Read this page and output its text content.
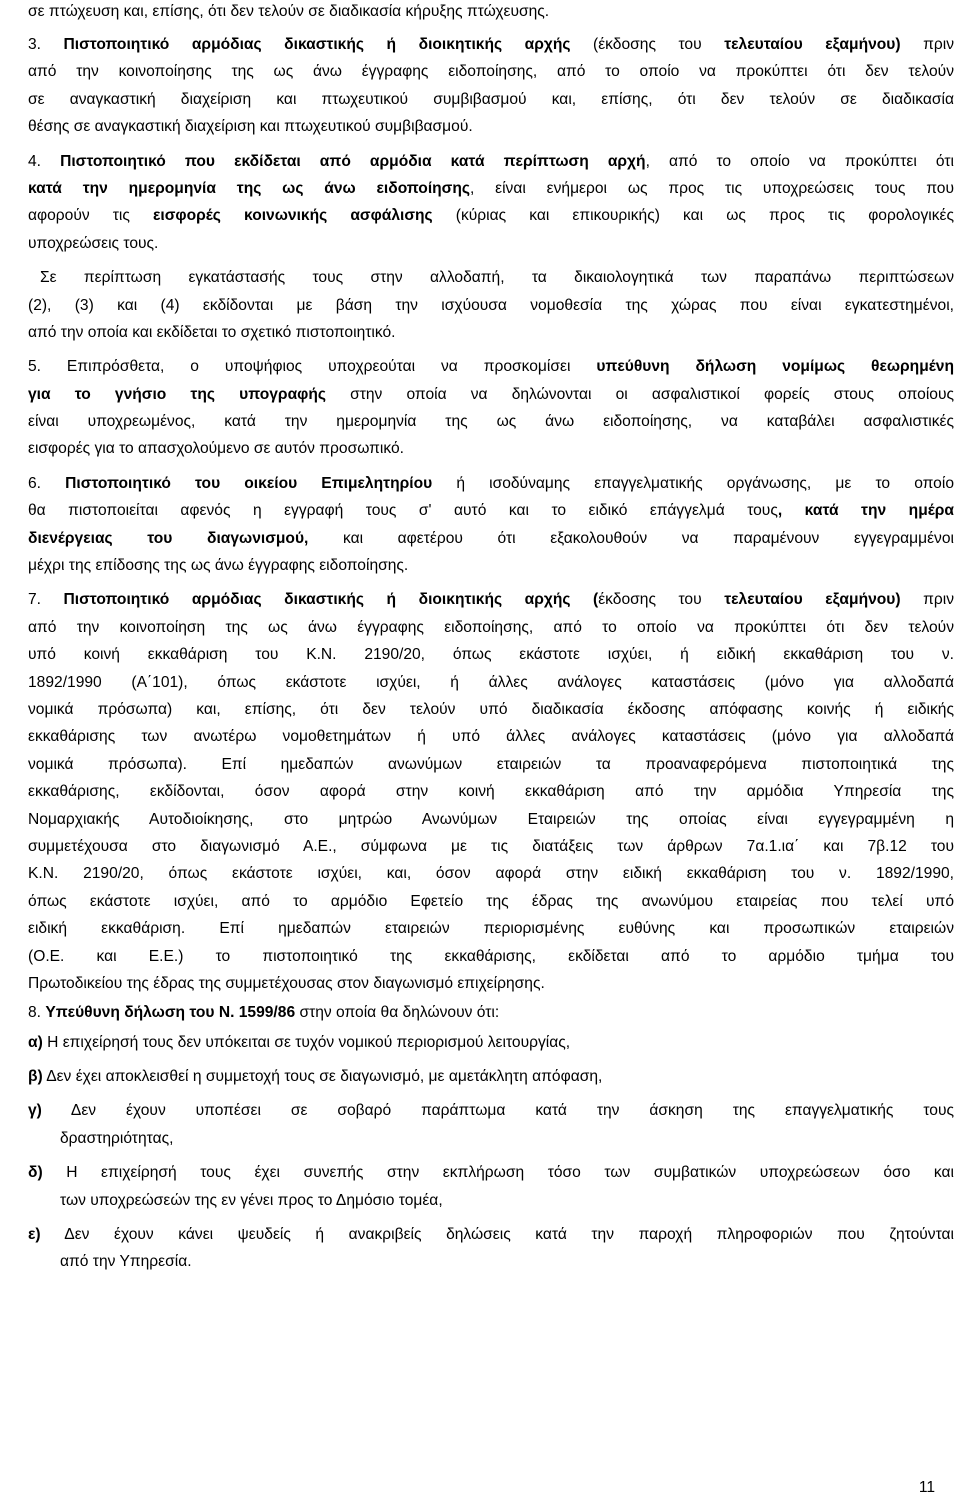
σε πτώχευση και, επίσης, ότι δεν τελούν σε διαδικασία κήρυξης πτώχευσης.
3. Πιστοποιητικό αρμόδιας δικαστικής ή διοικητικής αρχής (έκδοσης του τελευταίου εξαμήνου) πριν
από την κοινοποίησης της ως άνω έγγραφης ειδοποίησης, από το οποίο να προκύπτει ότι δεν τελούν
σε αναγκαστική διαχείριση και πτωχευτικού συμβιβασμού και, επίσης, ότι δεν τελούν σε διαδικασία
θέσης σε αναγκαστική διαχείριση και πτωχευτικού συμβιβασμού.
4. Πιστοποιητικό που εκδίδεται από αρμόδια κατά περίπτωση αρχή, από το οποίο να προκύπτει ότι
κατά την ημερομηνία της ως άνω ειδοποίησης, είναι ενήμεροι ως προς τις υποχρεώσεις τους που
αφορούν τις εισφορές κοινωνικής ασφάλισης (κύριας και επικουρικής) και ως προς τις φορολογικές
υποχρεώσεις τους.
Σε περίπτωση εγκατάστασής τους στην αλλοδαπή, τα δικαιολογητικά των παραπάνω περιπτώσεων
(2), (3) και (4) εκδίδονται με βάση την ισχύουσα νομοθεσία της χώρας που είναι εγκατεστημένοι,
από την οποία και εκδίδεται το σχετικό πιστοποιητικό.
5. Επιπρόσθετα, ο υποψήφιος υποχρεούται να προσκομίσει υπεύθυνη δήλωση νομίμως θεωρημένη
για το γνήσιο της υπογραφής στην οποία να δηλώνονται οι ασφαλιστικοί φορείς στους οποίους
είναι υποχρεωμένος, κατά την ημερομηνία της ως άνω ειδοποίησης, να καταβάλει ασφαλιστικές
εισφορές για το απασχολούμενο σε αυτόν προσωπικό.
6. Πιστοποιητικό του οικείου Επιμελητηρίου ή ισοδύναμης επαγγελματικής οργάνωσης, με το οποίο
θα πιστοποιείται αφενός η εγγραφή τους σ' αυτό και το ειδικό επάγγελμά τους, κατά την ημέρα
διενέργειας του διαγωνισμού, και αφετέρου ότι εξακολουθούν να παραμένουν εγγεγραμμένοι
μέχρι της επίδοσης της ως άνω έγγραφης ειδοποίησης.
7. Πιστοποιητικό αρμόδιας δικαστικής ή διοικητικής αρχής (έκδοσης του τελευταίου εξαμήνου) πριν
από την κοινοποίηση της ως άνω έγγραφης ειδοποίησης, από το οποίο να προκύπτει ότι δεν τελούν
υπό κοινή εκκαθάριση του Κ.Ν. 2190/20, όπως εκάστοτε ισχύει, ή ειδική εκκαθάριση του ν.
1892/1990 (Α΄101), όπως εκάστοτε ισχύει, ή άλλες ανάλογες καταστάσεις (μόνο για αλλοδαπά
νομικά πρόσωπα) και, επίσης, ότι δεν τελούν υπό διαδικασία έκδοσης απόφασης κοινής ή ειδικής
εκκαθάρισης των ανωτέρω νομοθετημάτων ή υπό άλλες ανάλογες καταστάσεις (μόνο για αλλοδαπά
νομικά πρόσωπα). Επί ημεδαπών ανωνύμων εταιρειών τα προαναφερόμενα πιστοποιητικά της
εκκαθάρισης, εκδίδονται, όσον αφορά στην κοινή εκκαθάριση από την αρμόδια Υπηρεσία της
Νομαρχιακής Αυτοδιοίκησης, στο μητρώο Ανωνύμων Εταιρειών της οποίας είναι εγγεγραμμένη η
συμμετέχουσα στο διαγωνισμό Α.Ε., σύμφωνα με τις διατάξεις των άρθρων 7α.1.ια΄ και 7β.12 του
Κ.Ν. 2190/20, όπως εκάστοτε ισχύει, και, όσον αφορά στην ειδική εκκαθάριση του ν. 1892/1990,
όπως εκάστοτε ισχύει, από το αρμόδιο Εφετείο της έδρας της ανωνύμου εταιρείας που τελεί υπό
ειδική εκκαθάριση. Επί ημεδαπών εταιρειών περιορισμένης ευθύνης και προσωπικών εταιρειών
(Ο.Ε. και Ε.Ε.) το πιστοποιητικό της εκκαθάρισης, εκδίδεται από το αρμόδιο τμήμα του
Πρωτοδικείου της έδρας της συμμετέχουσας στον διαγωνισμό επιχείρησης.
8. Υπεύθυνη δήλωση του Ν. 1599/86 στην οποία θα δηλώνουν ότι:
α) Η επιχείρησή τους δεν υπόκειται σε τυχόν νομικού περιορισμού λειτουργίας,
β) Δεν έχει αποκλεισθεί η συμμετοχή τους σε διαγωνισμό, με αμετάκλητη απόφαση,
γ) Δεν έχουν υποπέσει σε σοβαρό παράπτωμα κατά την άσκηση της επαγγελματικής τους
δραστηριότητας,
δ) Η επιχείρησή τους έχει συνεπής στην εκπλήρωση τόσο των συμβατικών υποχρεώσεων όσο και
των υποχρεώσεών της εν γένει προς το Δημόσιο τομέα,
ε) Δεν έχουν κάνει ψευδείς ή ανακριβείς δηλώσεις κατά την παροχή πληροφοριών που ζητούνται
από την Υπηρεσία.
11
